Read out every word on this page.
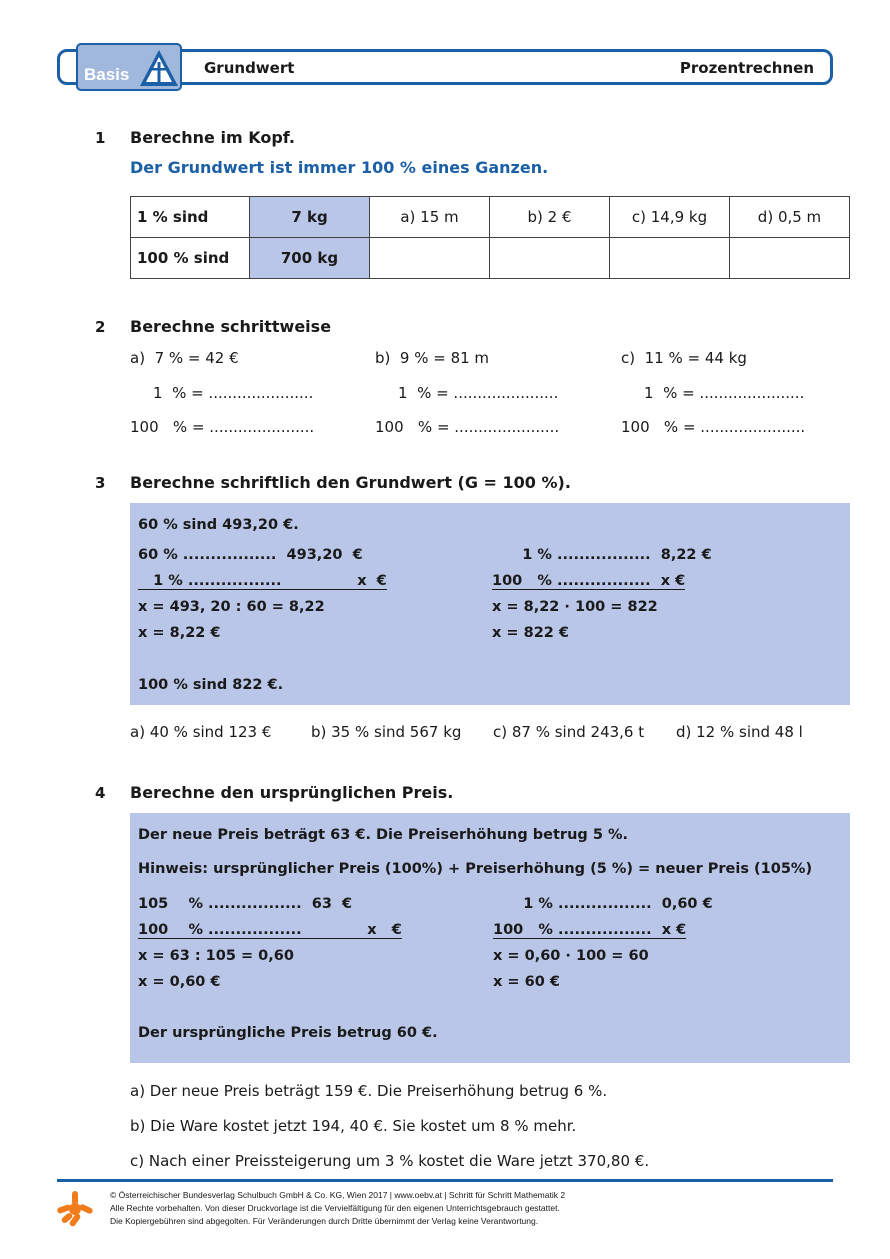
Basis	Grundwert	Prozentrechnen
1 Berechne im Kopf.
Der Grundwert ist immer 100 % eines Ganzen.
1 % sind	7 kg	a) 15 m	b) 2 €	c) 14,9 kg	d) 0,5 m
100 % sind	700 kg				
2 Berechne schrittweise
a)  7 % = 42 €
1  % = ......................
100   % = ......................
b)  9 % = 81 m
1  % = ......................
100   % = ......................
c)  11 % = 44 kg
1  % = ......................
100   % = ......................
3 Berechne schriftlich den Grundwert (G = 100 %).
60 % sind 493,20 €.
60 % .................  493,20  €
1 % .................               x  €
x = 493, 20 : 60 = 8,22
x = 8,22 €
1 % .................  8,22 €
100   % .................  x €
x = 8,22 · 100 = 822
x = 822 €
100 % sind 822 €.
a) 40 % sind 123 €	b) 35 % sind 567 kg c) 87 % sind 243,6 t d) 12 % sind 48 l
4 Berechne den ursprünglichen Preis.
Der neue Preis beträgt 63 €. Die Preiserhöhung betrug 5 %.
Hinweis: ursprünglicher Preis (100%) + Preiserhöhung (5 %) = neuer Preis (105%)
105    % .................  63  €
100    % .................             x   €
x = 63 : 105 = 0,60
x = 0,60 €
1 % .................  0,60 €
100   % .................  x €
x = 0,60 · 100 = 60
x = 60 €
Der ursprüngliche Preis betrug 60 €.
a) Der neue Preis beträgt 159 €. Die Preiserhöhung betrug 6 %.
b) Die Ware kostet jetzt 194, 40 €. Sie kostet um 8 % mehr.
c) Nach einer Preissteigerung um 3 % kostet die Ware jetzt 370,80 €.
© Österreichischer Bundesverlag Schulbuch GmbH & Co. KG, Wien 2017 | www.oebv.at | Schritt für Schritt Mathematik 2
Alle Rechte vorbehalten. Von dieser Druckvorlage ist die Vervielfältigung für den eigenen Unterrichtsgebrauch gestattet.
Die Kopiergebühren sind abgegolten. Für Veränderungen durch Dritte übernimmt der Verlag keine Verantwortung.
